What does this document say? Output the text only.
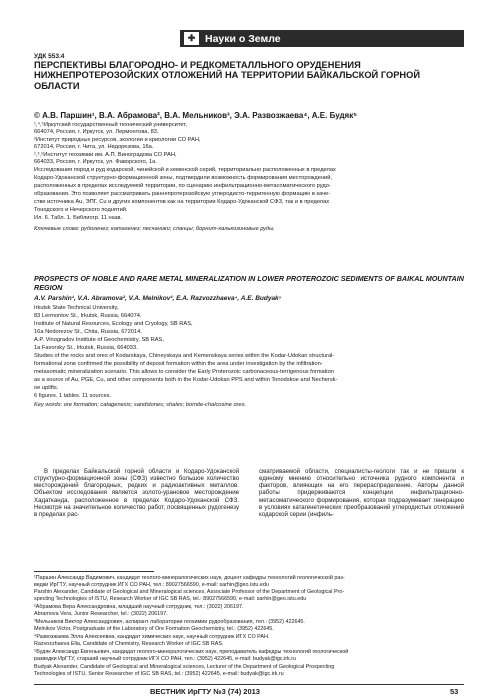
✚ Науки о Земле
УДК 553.4
ПЕРСПЕКТИВЫ БЛАГОРОДНО- И РЕДКОМЕТАЛЛЬНОГО ОРУДЕНЕНИЯ
НИЖНЕПРОТЕРОЗОЙСКИХ ОТЛОЖЕНИЙ НА ТЕРРИТОРИИ БАЙКАЛЬСКОЙ ГОРНОЙ
ОБЛАСТИ
© А.В. Паршин¹, В.А. Абрамова², В.А. Мельников³, Э.А. Развозжаева⁴, А.Е. Будяк⁵
¹,⁴,⁵Иркутский государственный технический университет,
664074, Россия, г. Иркутск, ул. Лермонтова, 83.
²Институт природных ресурсов, экологии и криологии СО РАН,
672014, Россия, г. Чита, ул. Недорезова, 16а.
¹,³,⁵Институт геохимии им. А.П. Виноградова СО РАН,
664033, Россия, г. Иркутск, ул. Фаворского, 1а.
Исследования пород и руд кодарской, чинейской и кеменской серий, территориально расположенных в пределах
Кодаро-Удоканской структурно-формационной зоны, подтвердили возможность формирования месторождений,
расположенных в пределах исследуемой территории, по сценарию инфильтрационно-метасоматического рудо-
образования. Это позволяет рассматривать раннепротерозойскую углеродисто-терригенную формацию в каче-
стве источника Au, ЭПГ, Cu и других компонентов как на территории Кодаро-Удоканской СФЗ, так и в пределах
Тонодского и Нечерского поднятий.
Ил. 6. Табл. 1. Библиогр. 11 назв.
Ключевые слова: рудогенез; катагенез; песчаники; сланцы; борнит-халькозиновые руды.
PROSPECTS OF NOBLE AND RARE METAL MINERALIZATION IN LOWER PROTEROZOIC SEDIMENTS OF BAIKAL MOUNTAIN REGION
A.V. Parshin¹, V.A. Abramova², V.A. Melnikov³, E.A. Razvozzhaeva⁴, A.E. Budyak⁵
Irkutsk State Technical University,
83 Lermontov St., Irkutsk, Russia, 664074.
Institute of Natural Resources, Ecology and Cryology, SB RAS,
16a Nedorezov St., Chita, Russia, 672014.
A.P. Vinogradov Institute of Geochemistry, SB RAS,
1a Favorsky St., Irkutsk, Russia, 664033.
Studies of the rocks and ores of Kodarskaya, Chineyskaya and Kemenskaya series within the Kodar-Udokan structural-
formational zone confirmed the possibility of deposit formation within the area under investigation by the infiltration-
metasomatic mineralization scenario. This allows to consider the Early Proterozoic carbonaceous-terrigenous formation
as a source of Au, PGE, Cu, and other components both in the Kodar-Udokan PPS and within Tonodskoe and Nechersk-
oe uplifts.
6 figures. 1 tables. 11 sources.
Key words: ore formation; catagenesis; sandstones; shales; bornite-chalcosine ores.
В пределах Байкальской горной области и Кодаро-Удоканской структурно-формационной зоны (СФЗ) известно большое количество месторождений благородных, редких и радиоактивных металлов. Объектом исследования является золото-урановое месторождение Хадатканда, расположенное в пределах Кодаро-Удоканской СФЗ. Несмотря на значительное количество работ, посвященных рудогенезу в пределах рас-
сматриваемой области, специалисты-геологи так и не пришли к единому мнению относительно источника рудного компонента и факторов, влияющих на его перераспределение. Авторы данной работы придерживаются концепции инфильтрационно-метасоматического формирования, которая подразумевает генерацию в условиях катагенетических преобразований углеродистых отложений кодарской серии (инфиль-
¹Паршин Александр Вадимович, кандидат геолого-минералогических наук, доцент кафедры технологий геологической раз-
ведки ИрГТУ, научный сотрудник ИГХ СО РАН, тел.: 89027566590, e-mail: sarhin@geo.istu.edu
Parshin Alexander, Candidate of Geological and Mineralogical sciences, Associate Professor of the Department of Geological Pro-
specting Technologies of ISTU, Research Worker of IGC SB RAS, tel.: 89027566590, e-mail: sarhin@geo.istu.edu
²Абрамова Вера Александровна, младший научный сотрудник, тел.: (3022) 206197.
Abramova Vera, Junior Researcher, tel.: (3022) 206197.
³Мельников Виктор Александрович, аспирант лаборатории геохимии рудообразования, тел.: (3952) 422645.
Melnikov Victor, Postgraduate of the Laboratory of Ore Formation Geochemistry, tel.: (3952) 422645.
⁴Развозжаева Элла Алексеевна, кандидат химических наук, научный сотрудник ИГХ СО РАН.
Razvozzhaeva Ella, Candidate of Chemistry, Research Worker of IGC SB RAS.
⁵Будяк Александр Евгеньевич, кандидат геолого-минералогических наук, преподаватель кафедры технологий геологической
разведки ИрГТУ, старший научный сотрудник ИГХ СО РАН, тел.: (3952) 422645, e-mail: budyak@igc.irk.ru
Budyak Alexander, Candidate of Geological and Mineralogical sciences, Lecturer of the Department of Geological Prospecting
Technologies of ISTU, Senior Researcher of IGC SB RAS, tel.: (3952) 422645, e-mail: budyak@igc.irk.ru
ВЕСТНИК ИрГТУ №3 (74) 2013	53
